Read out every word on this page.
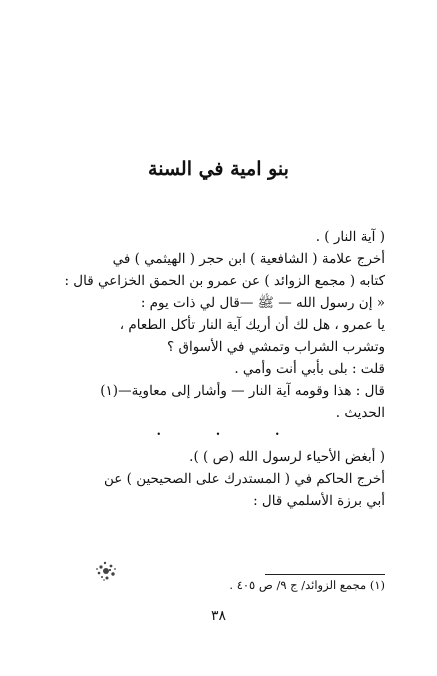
بنو امية في السنة
( آية النار ) .
أخرج علامة ( الشافعية ) ابن حجر ( الهيثمي ) في
كتابه ( مجمع الزوائد ) عن عمرو بن الحمق الخزاعي قال :
« إن رسول الله — ﷺ —قال لي ذات يوم :
يا عمرو ، هل لك أن أريك آية النار تأكل الطعام ،
وتشرب الشراب وتمشي في الأسواق ؟
قلت : بلى بأبي أنت وأمي .
قال : هذا وقومه آية النار — وأشار إلى معاوية—(١)
الحديث .
• • •
( أبغض الأحياء لرسول الله (ص ) ).
أخرج الحاكم في ( المستدرك على الصحيحين ) عن
أبي برزة الأسلمي قال :

(١) مجمع الزوائد/ ج ٩/ ص ٤٠٥ .

٣٨
